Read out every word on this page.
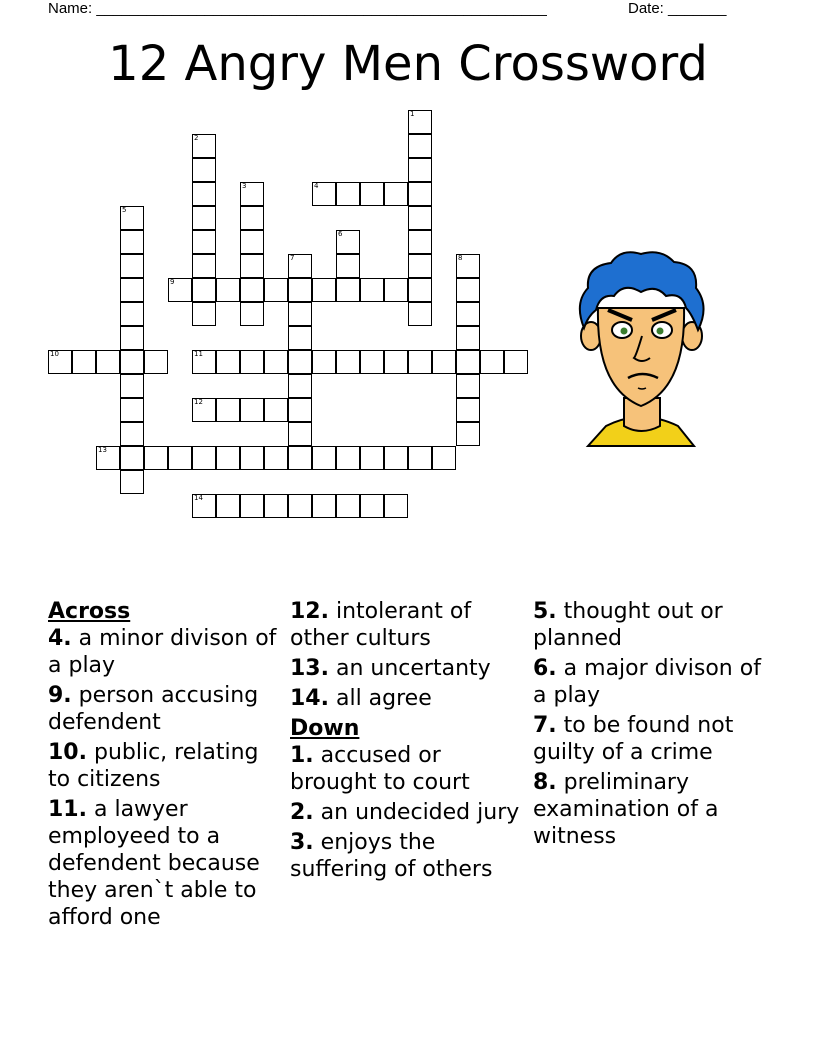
Name: ______________________________________________________	Date: _______
12 Angry Men Crossword
1
2
3	4
5
6
7	8
9
10	11
12
13
14
Across
4. a minor divison of a play
9. person accusing defendent
10. public, relating to citizens
11. a lawyer employeed to a defendent because they aren`t able to afford one
12. intolerant of other culturs
13. an uncertanty
14. all agree
Down
1. accused or brought to court
2. an undecided jury
3. enjoys the suffering of others
5. thought out or planned
6. a major divison of a play
7. to be found not guilty of a crime
8. preliminary examination of a witness
